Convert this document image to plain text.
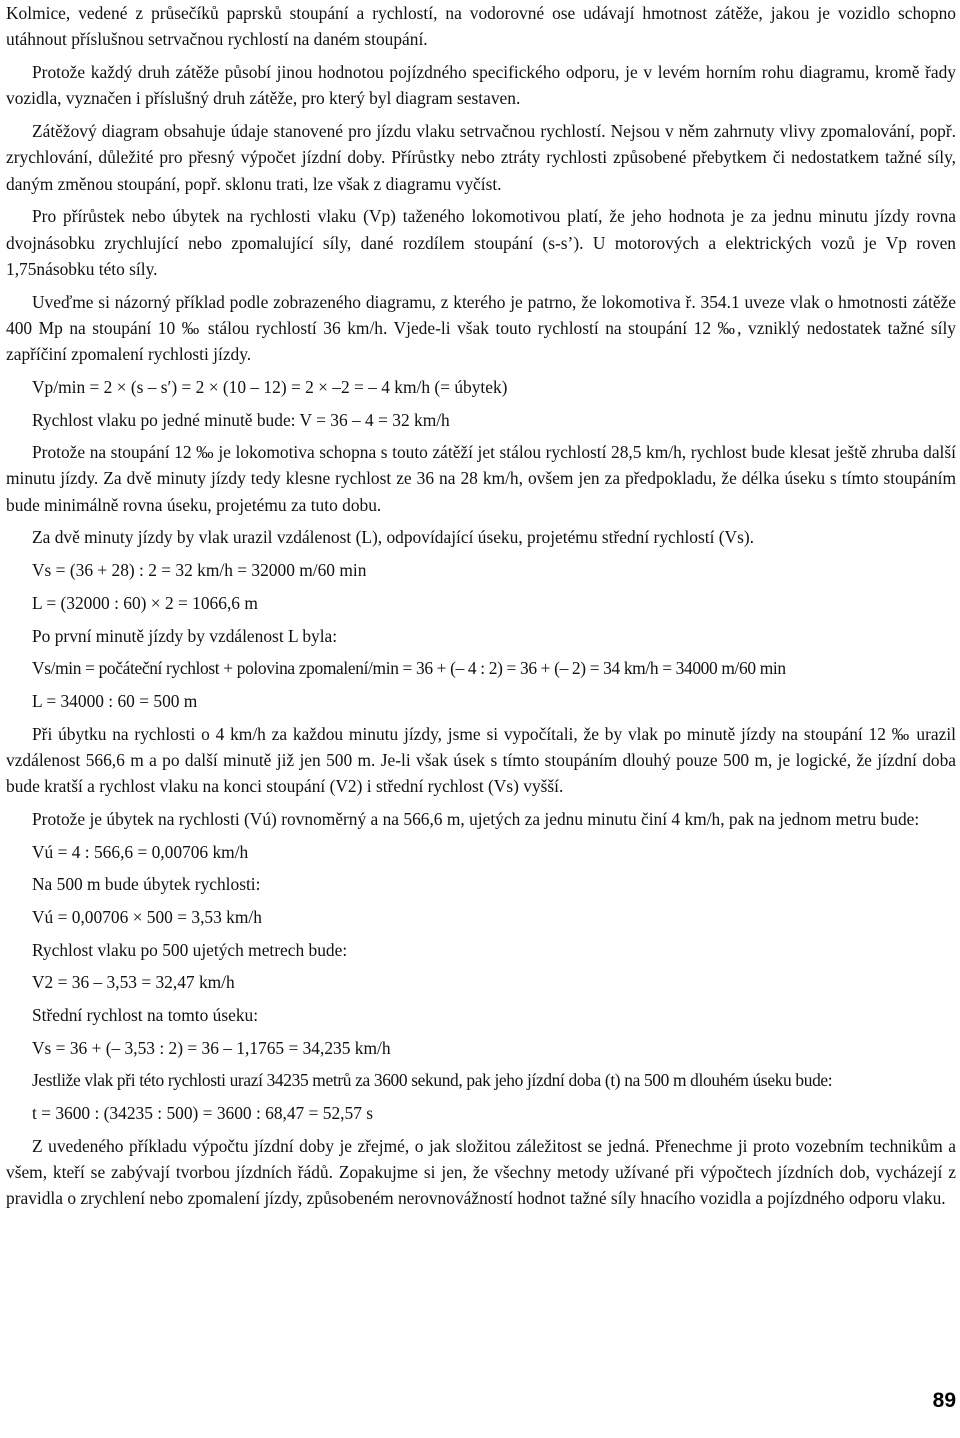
Kolmice, vedené z průsečíků paprsků stoupání a rychlostí, na vodorovné ose udávají hmotnost zátěže, jakou je vozidlo schopno utáhnout příslušnou setrvačnou rychlostí na daném stoupání.

Protože každý druh zátěže působí jinou hodnotou pojízdného specifického odporu, je v levém horním rohu diagramu, kromě řady vozidla, vyznačen i příslušný druh zátěže, pro který byl diagram sestaven.

Zátěžový diagram obsahuje údaje stanovené pro jízdu vlaku setrvačnou rychlostí. Nejsou v něm zahrnuty vlivy zpomalování, popř. zrychlování, důležité pro přesný výpočet jízdní doby. Přírůstky nebo ztráty rychlosti způsobené přebytkem či nedostatkem tažné síly, daným změnou stoupání, popř. sklonu trati, lze však z diagramu vyčíst.

Pro přírůstek nebo úbytek na rychlosti vlaku (Vp) taženého lokomotivou platí, že jeho hodnota je za jednu minutu jízdy rovna dvojnásobku zrychlující nebo zpomalující síly, dané rozdílem stoupání (s-s’). U motorových a elektrických vozů je Vp roven 1,75násobku této síly.

Uveďme si názorný příklad podle zobrazeného diagramu, z kterého je patrno, že lokomotiva ř. 354.1 uveze vlak o hmotnosti zátěže 400 Mp na stoupání 10 ‰ stálou rychlostí 36 km/h. Vjede-li však touto rychlostí na stoupání 12 ‰, vzniklý nedostatek tažné síly zapříčiní zpomalení rychlosti jízdy.

Vp/min = 2 × (s – s′) = 2 × (10 – 12) = 2 × –2 = – 4 km/h (= úbytek)
Rychlost vlaku po jedné minutě bude: V = 36 – 4 = 32 km/h

Protože na stoupání 12 ‰ je lokomotiva schopna s touto zátěží jet stálou rychlostí 28,5 km/h, rychlost bude klesat ještě zhruba další minutu jízdy. Za dvě minuty jízdy tedy klesne rychlost ze 36 na 28 km/h, ovšem jen za předpokladu, že délka úseku s tímto stoupáním bude minimálně rovna úseku, projetému za tuto dobu.

Za dvě minuty jízdy by vlak urazil vzdálenost (L), odpovídající úseku, projetému střední rychlostí (Vs).
Vs = (36 + 28) : 2 = 32 km/h = 32000 m/60 min
L = (32000 : 60) × 2 = 1066,6 m
Po první minutě jízdy by vzdálenost L byla:
Vs/min = počáteční rychlost + polovina zpomalení/min = 36 + (– 4 : 2) = 36 + (– 2) = 34 km/h = 34000 m/60 min
L = 34000 : 60 = 500 m

Při úbytku na rychlosti o 4 km/h za každou minutu jízdy, jsme si vypočítali, že by vlak po minutě jízdy na stoupání 12 ‰ urazil vzdálenost 566,6 m a po další minutě již jen 500 m. Je-li však úsek s tímto stoupáním dlouhý pouze 500 m, je logické, že jízdní doba bude kratší a rychlost vlaku na konci stoupání (V2) i střední rychlost (Vs) vyšší.

Protože je úbytek na rychlosti (Vú) rovnoměrný a na 566,6 m, ujetých za jednu minutu činí 4 km/h, pak na jednom metru bude:

Vú = 4 : 566,6 = 0,00706 km/h
Na 500 m bude úbytek rychlosti:
Vú = 0,00706 × 500 = 3,53 km/h
Rychlost vlaku po 500 ujetých metrech bude:
V2 = 36 – 3,53 = 32,47 km/h
Střední rychlost na tomto úseku:
Vs = 36 + (– 3,53 : 2) = 36 – 1,1765 = 34,235 km/h
Jestliže vlak při této rychlosti urazí 34235 metrů za 3600 sekund, pak jeho jízdní doba (t) na 500 m dlouhém úseku bude:
t = 3600 : (34235 : 500) = 3600 : 68,47 = 52,57 s

Z uvedeného příkladu výpočtu jízdní doby je zřejmé, o jak složitou záležitost se jedná. Přenechme ji proto vozebním technikům a všem, kteří se zabývají tvorbou jízdních řádů. Zopakujme si jen, že všechny metody užívané při výpočtech jízdních dob, vycházejí z pravidla o zrychlení nebo zpomalení jízdy, způsobeném nerovnovážností hodnot tažné síly hnacího vozidla a pojízdného odporu vlaku.

89
